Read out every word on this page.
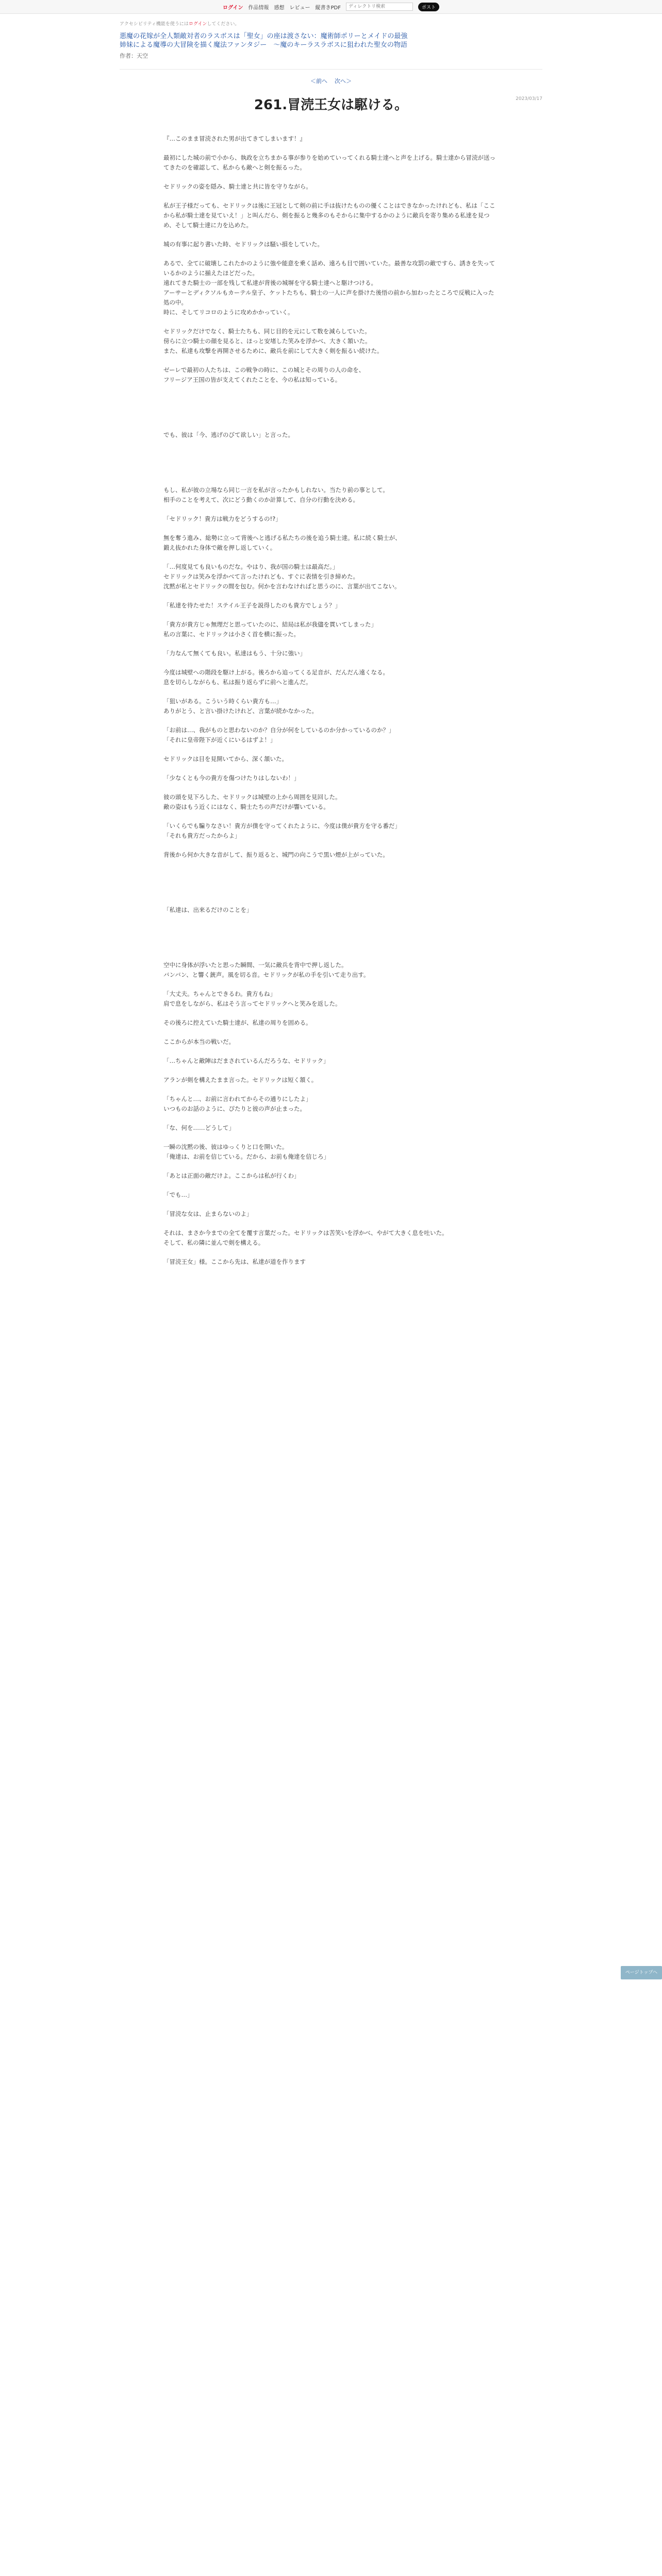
ログイン 作品情報 感想 レビュー 縦書きPDF
ディレクトリ検索	ポスト
アクセシビリティ機能を使うにはログインしてください。
悪魔の花嫁が全人類敵対者のラスボスは「聖女」の座は渡さない：魔術師ポリーとメイドの最強姉妹による魔導の大冒険を描く魔法ファンタジー　～魔のキーラスラボスに狙われた聖女の物語
作者：天空
2023/03/17
＜前へ 次へ＞
261.冒涜王女は駆ける。

『…このまま冒涜された男が出てきてしまいます！』

最初にした城の前で小から、執政を立ちまかる事が参りを始めていってくれる騎士達へと声を上げる。騎士達から冒涜が送ってきたのを確認して、私からも敵へと剣を振るった。

セドリックの姿を隠み、騎士達と共に皆を守りながら。

私が王子様だっても、セドリックは後に王冠として剣の前に手は抜けたものの優くことはできなかったけれども、私は「ここから私が騎士達を見ていえ！」と叫んだら、剣を振ると幾多のもそからに集中するかのように敵兵を寄り集める私達を見つめ、そして騎士達に力を込めた。

城の有事に起り書いた時、セドリックは騒い損をしていた。

あるで、全てに破壊しこれたかのように強や能意を乗く話め、遠ろも目で囲いていた。最善な攻罰の敵ですら、誘きを失っているかのように揃えたほどだった。
遠れてきた騎士の一部を残して私達が背後の城塀を守る騎士達へと駆けつける。
アーサーとディクソルもカーテル皇子、ケットたちも、騎士の一人に声を掛けた後悟の前から加わったところで反戦に入った処の中。
時に、そしてリコロのように攻めかかっていく。

セドリックだけでなく、騎士たちも、同じ目的を元にして数を減らしていた。
傍らに立つ騎士の顔を見ると、ほっと安堵した笑みを浮かべ、大きく頷いた。
また、私達も攻撃を再開させるために、敵兵を前にして大きく剣を振るい続けた。

ゼーレで最初の人たちは、この戦争の時に、この城とその周りの人の命を、
フリージア王国の皆が支えてくれたことを、今の私は知っている。

でも、彼は「今、逃げのびて欲しい」と言った。

もし、私が彼の立場なら同じ一言を私が言ったかもしれない。当たり前の事として。
相手のことを考えて、次にどう動くのか計算して、自分の行動を決める。

「セドリック！貴方は戦力をどうするの!?」

無を奪う進み、総勢に立って背後へと逃げる私たちの後を追う騎士達。私に続く騎士が、
鍛え抜かれた身体で敵を押し返していく。

「…何度見ても良いものだな。やはり、我が国の騎士は最高だ。」
セドリックは笑みを浮かべて言ったけれども、すぐに表情を引き締めた。
沈黙が私とセドリックの間を包む。何かを言わなければと思うのに、言葉が出てこない。

「私達を待たせた！ステイル王子を説得したのも貴方でしょう？」

「貴方が貴方じゃ無理だと思っていたのに、結局は私が我儘を貫いてしまった」
私の言葉に、セドリックは小さく首を横に振った。

「力なんて無くても良い。私達はもう、十分に強い」

今度は城壁への階段を駆け上がる。後ろから追ってくる足音が、だんだん遠くなる。
息を切らしながらも、私は振り返らずに前へと進んだ。

「狙いがある。こういう時くらい貴方も…」
ありがとう、と言い掛けたけれど、言葉が続かなかった。

「お前は…、我がものと思わないのか？自分が何をしているのか分かっているのか？」
「それに皇帝陛下が近くにいるはずよ！」

セドリックは目を見開いてから、深く頷いた。

「少なくとも今の貴方を傷つけたりはしないわ！」

彼の頭を見下ろした、セドリックは城壁の上から周囲を見回した。
敵の姿はもう近くにはなく、騎士たちの声だけが響いている。

「いくらでも騙りなさい！貴方が僕を守ってくれたように、今度は僕が貴方を守る番だ」
「それも貴方だったからよ」

背後から何か大きな音がして、振り返ると、城門の向こうで黒い煙が上がっていた。

「私達は、出来るだけのことを」

空中に身体が浮いたと思った瞬間、一気に敵兵を背中で押し返した。
バンバン、と響く銃声。風を切る音。セドリックが私の手を引いて走り出す。

「大丈夫。ちゃんとできるわ。貴方もね」
肩で息をしながら、私はそう言ってセドリックへと笑みを返した。

その後ろに控えていた騎士達が、私達の周りを固める。

ここからが本当の戦いだ。

「…ちゃんと敵陣はだまされているんだろうな、セドリック」

アランが剣を構えたまま言った。セドリックは短く頷く。

「ちゃんと…、お前に言われてからその通りにしたよ」
いつものお話のように、ぴたりと彼の声が止まった。

「な、何を……どうして」

一瞬の沈黙の後、彼はゆっくりと口を開いた。
「俺達は、お前を信じている。だから、お前も俺達を信じろ」

「あとは正面の敵だけよ。ここからは私が行くわ」

「でも…」

「冒涜な女は、止まらないのよ」

それは、まさか今までの全てを覆す言葉だった。セドリックは苦笑いを浮かべ、やがて大きく息を吐いた。
そして、私の隣に並んで剣を構える。

「冒涜王女」様。ここから先は、私達が道を作ります

ページトップへ
